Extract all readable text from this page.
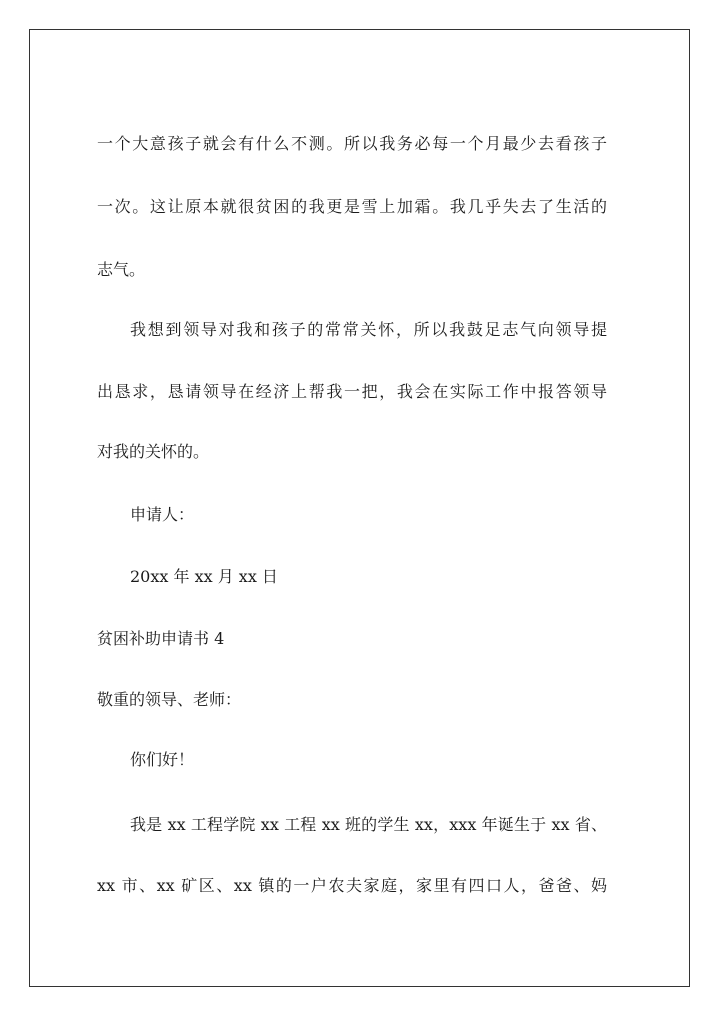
一个大意孩子就会有什么不测。所以我务必每一个月最少去看孩子
一次。这让原本就很贫困的我更是雪上加霜。我几乎失去了生活的
志气。
我想到领导对我和孩子的常常关怀，所以我鼓足志气向领导提
出恳求，恳请领导在经济上帮我一把，我会在实际工作中报答领导
对我的关怀的。
申请人：
20xx 年 xx 月 xx 日
贫困补助申请书 4
敬重的领导、老师：
你们好！
我是 xx 工程学院 xx 工程 xx 班的学生 xx，xxx 年诞生于 xx 省、
xx 市、xx 矿区、xx 镇的一户农夫家庭，家里有四口人，爸爸、妈
